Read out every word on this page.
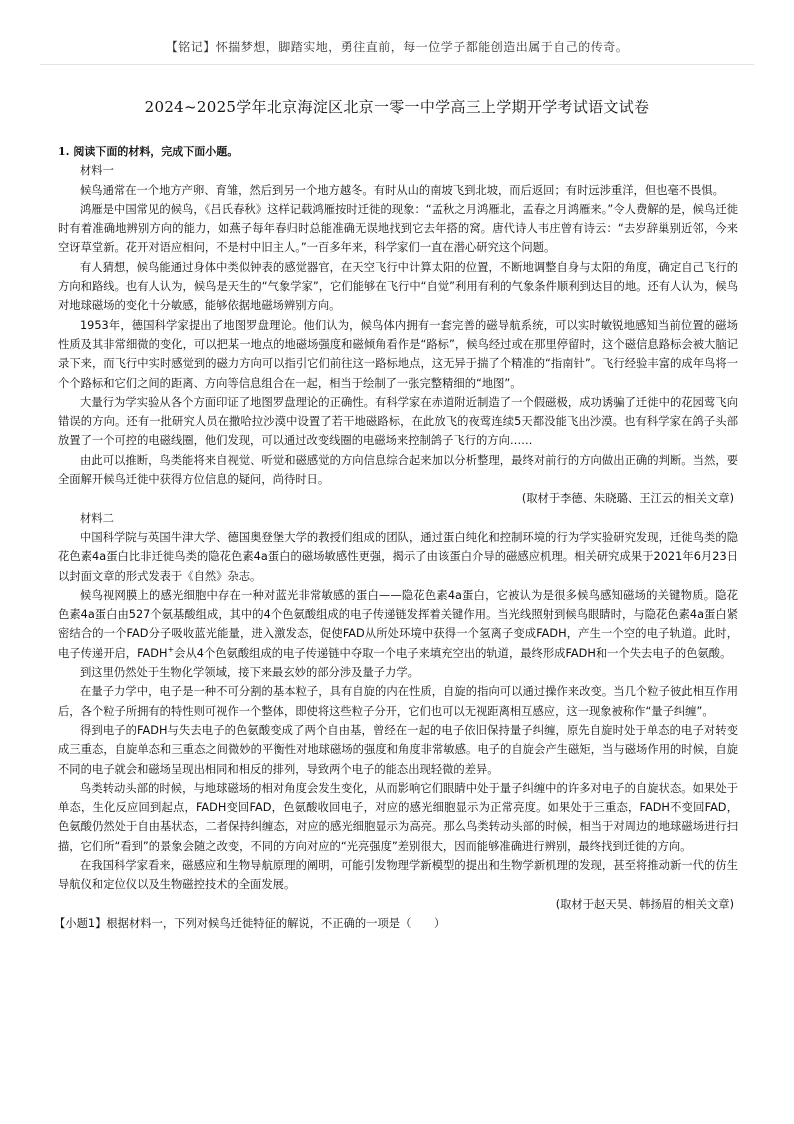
【铭记】怀揣梦想，脚踏实地，勇往直前，每一位学子都能创造出属于自己的传奇。
2024~2025学年北京海淀区北京一零一中学高三上学期开学考试语文试卷
1. 阅读下面的材料，完成下面小题。
材料一

候鸟通常在一个地方产卵、育雏，然后到另一个地方越冬。有时从山的南坡飞到北坡，而后返回；有时远涉重洋，但也毫不畏惧。

鸿雁是中国常见的候鸟，《吕氏春秋》这样记载鸿雁按时迁徙的现象：“孟秋之月鸿雁北，孟春之月鸿雁来。”令人费解的是，候鸟迁徙时有着准确地辨别方向的能力，如燕子每年春归时总能准确无误地找到它去年搭的窝。唐代诗人韦庄曾有诗云：“去岁辞巢别近邻，今来空讶草堂新。花开对语应相问，不是村中旧主人。”一百多年来，科学家们一直在潜心研究这个问题。

有人猜想，候鸟能通过身体中类似钟表的感觉器官，在天空飞行中计算太阳的位置，不断地调整自身与太阳的角度，确定自己飞行的方向和路线。也有人认为，候鸟是天生的“气象学家”，它们能够在飞行中“自觉”利用有利的气象条件顺利到达目的地。还有人认为，候鸟对地球磁场的变化十分敏感，能够依据地磁场辨别方向。

1953年，德国科学家提出了地图罗盘理论。他们认为，候鸟体内拥有一套完善的磁导航系统，可以实时敏锐地感知当前位置的磁场性质及其非常细微的变化，可以把某一地点的地磁场强度和磁倾角看作是“路标”，候鸟经过或在那里停留时，这个磁信息路标会被大脑记录下来，而飞行中实时感觉到的磁力方向可以指引它们前往这一路标地点，这无异于揣了个精准的“指南针”。飞行经验丰富的成年鸟将一个个路标和它们之间的距离、方向等信息组合在一起，相当于绘制了一张完整精细的“地图”。

大量行为学实验从各个方面印证了地图罗盘理论的正确性。有科学家在赤道附近制造了一个假磁极，成功诱骗了迁徙中的花园莺飞向错误的方向。还有一批研究人员在撒哈拉沙漠中设置了若干地磁路标，在此放飞的夜莺连续5天都没能飞出沙漠。也有科学家在鸽子头部放置了一个可控的电磁线圈，他们发现，可以通过改变线圈的电磁场来控制鸽子飞行的方向……

由此可以推断，鸟类能将来自视觉、听觉和磁感觉的方向信息综合起来加以分析整理，最终对前行的方向做出正确的判断。当然，要全面解开候鸟迁徙中获得方位信息的疑问，尚待时日。

(取材于李德、朱晓璐、王江云的相关文章)

材料二

中国科学院与英国牛津大学、德国奥登堡大学的教授们组成的团队，通过蛋白纯化和控制环境的行为学实验研究发现，迁徙鸟类的隐花色素4a蛋白比非迁徙鸟类的隐花色素4a蛋白的磁场敏感性更强，揭示了由该蛋白介导的磁感应机理。相关研究成果于2021年6月23日以封面文章的形式发表于《自然》杂志。

候鸟视网膜上的感光细胞中存在一种对蓝光非常敏感的蛋白——隐花色素4a蛋白，它被认为是很多候鸟感知磁场的关键物质。隐花色素4a蛋白由527个氨基酸组成，其中的4个色氨酸组成的电子传递链发挥着关键作用。当光线照射到候鸟眼睛时，与隐花色素4a蛋白紧密结合的一个FAD分子吸收蓝光能量，进入激发态，促使FAD从所处环境中获得一个氢离子变成FADH，产生一个空的电子轨道。此时，电子传递开启，FADH+会从4个色氨酸组成的电子传递链中夺取一个电子来填充空出的轨道，最终形成FADH和一个失去电子的色氨酸。

到这里仍然处于生物化学领域，接下来最玄妙的部分涉及量子力学。

在量子力学中，电子是一种不可分割的基本粒子，具有自旋的内在性质，自旋的指向可以通过操作来改变。当几个粒子彼此相互作用后，各个粒子所拥有的特性则可视作一个整体，即使将这些粒子分开，它们也可以无视距离相互感应，这一现象被称作“量子纠缠”。

得到电子的FADH与失去电子的色氨酸变成了两个自由基，曾经在一起的电子依旧保持量子纠缠，原先自旋时处于单态的电子对转变成三重态，自旋单态和三重态之间微妙的平衡性对地球磁场的强度和角度非常敏感。电子的自旋会产生磁矩，当与磁场作用的时候，自旋不同的电子就会和磁场呈现出相同和相反的排列，导致两个电子的能态出现轻微的差异。

鸟类转动头部的时候，与地球磁场的相对角度会发生变化，从而影响它们眼睛中处于量子纠缠中的许多对电子的自旋状态。如果处于单态，生化反应回到起点，FADH变回FAD，色氨酸收回电子，对应的感光细胞显示为正常亮度。如果处于三重态，FADH不变回FAD，色氨酸仍然处于自由基状态，二者保持纠缠态，对应的感光细胞显示为高亮。那么鸟类转动头部的时候，相当于对周边的地球磁场进行扫描，它们所“看到”的景象会随之改变，不同的方向对应的“光亮强度”差别很大，因而能够准确进行辨别，最终找到迁徙的方向。

在我国科学家看来，磁感应和生物导航原理的阐明，可能引发物理学新模型的提出和生物学新机理的发现，甚至将推动新一代的仿生导航仪和定位仪以及生物磁控技术的全面发展。

(取材于赵天昊、韩扬眉的相关文章)

【小题1】根据材料一，下列对候鸟迁徙特征的解说，不正确的一项是（　　）
